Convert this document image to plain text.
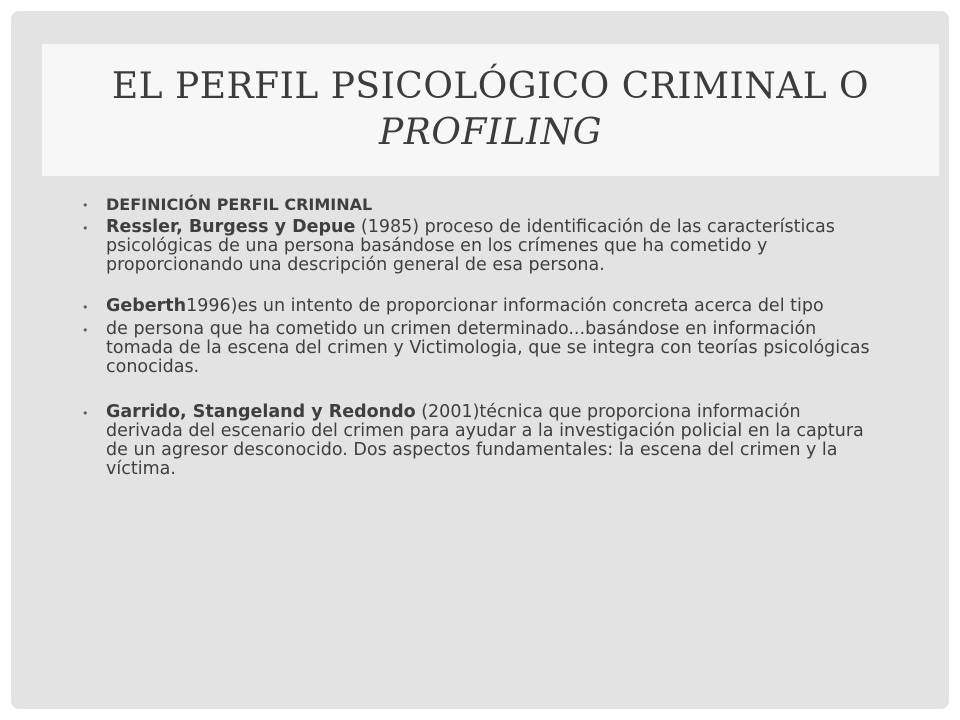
EL PERFIL PSICOLÓGICO CRIMINAL O
PROFILING
• DEFINICIÓN PERFIL CRIMINAL
• Ressler, Burgess y Depue (1985) proceso de identificación de las características psicológicas de una persona basándose en los crímenes que ha cometido y proporcionando una descripción general de esa persona.
• Geberth1996)es un intento de proporcionar información concreta acerca del tipo
• de persona que ha cometido un crimen determinado...basándose en información tomada de la escena del crimen y Victimologia, que se integra con teorías psicológicas conocidas.
• Garrido, Stangeland y Redondo (2001)técnica que proporciona información derivada del escenario del crimen para ayudar a la investigación policial en la captura de un agresor desconocido. Dos aspectos fundamentales: la escena del crimen y la víctima.
